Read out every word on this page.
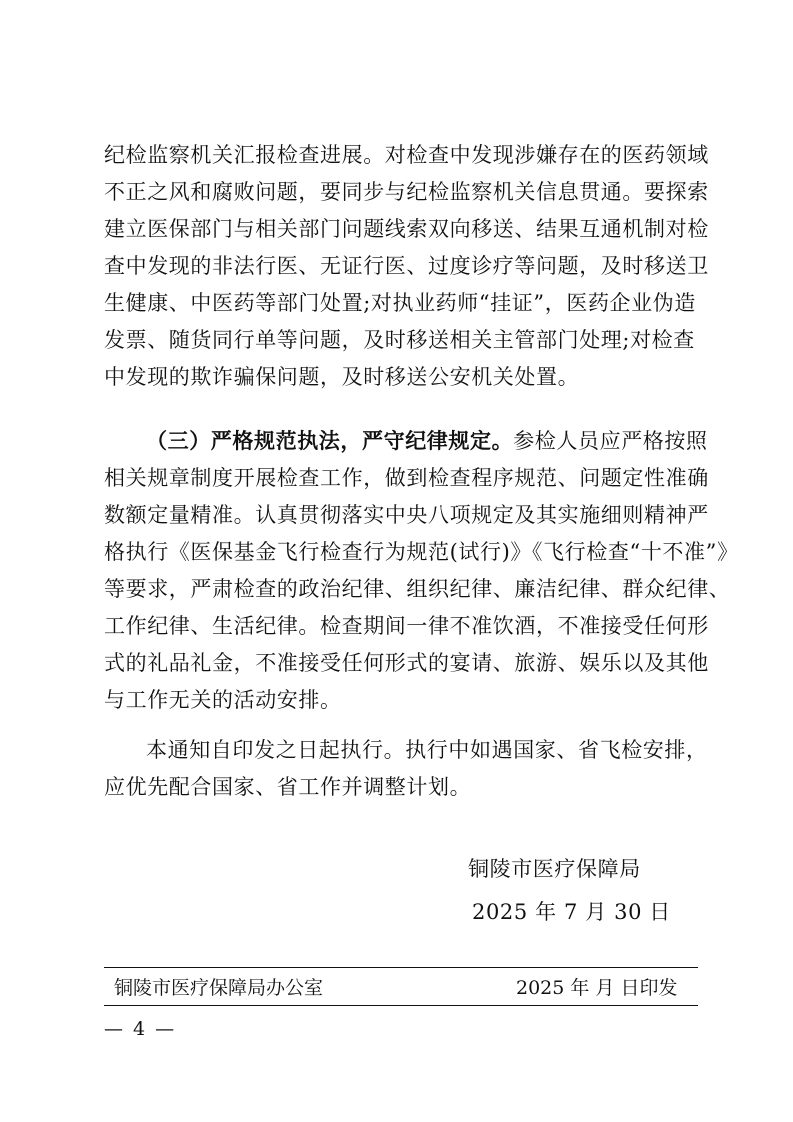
纪检监察机关汇报检查进展。对检查中发现涉嫌存在的医药领域
不正之风和腐败问题，要同步与纪检监察机关信息贯通。要探索
建立医保部门与相关部门问题线索双向移送、结果互通机制对检
查中发现的非法行医、无证行医、过度诊疗等问题，及时移送卫
生健康、中医药等部门处置;对执业药师“挂证”，医药企业伪造
发票、随货同行单等问题，及时移送相关主管部门处理;对检查
中发现的欺诈骗保问题，及时移送公安机关处置。
（三）严格规范执法，严守纪律规定。参检人员应严格按照
相关规章制度开展检查工作，做到检查程序规范、问题定性准确
数额定量精准。认真贯彻落实中央八项规定及其实施细则精神严
格执行《医保基金飞行检查行为规范(试行)》《飞行检查“十不准”》
等要求，严肃检查的政治纪律、组织纪律、廉洁纪律、群众纪律、
工作纪律、生活纪律。检查期间一律不准饮酒，不准接受任何形
式的礼品礼金，不准接受任何形式的宴请、旅游、娱乐以及其他
与工作无关的活动安排。
本通知自印发之日起执行。执行中如遇国家、省飞检安排，
应优先配合国家、省工作并调整计划。
铜陵市医疗保障局
2025 年 7 月 30 日
铜陵市医疗保障局办公室	2025 年 月 日印发
— 4 —
